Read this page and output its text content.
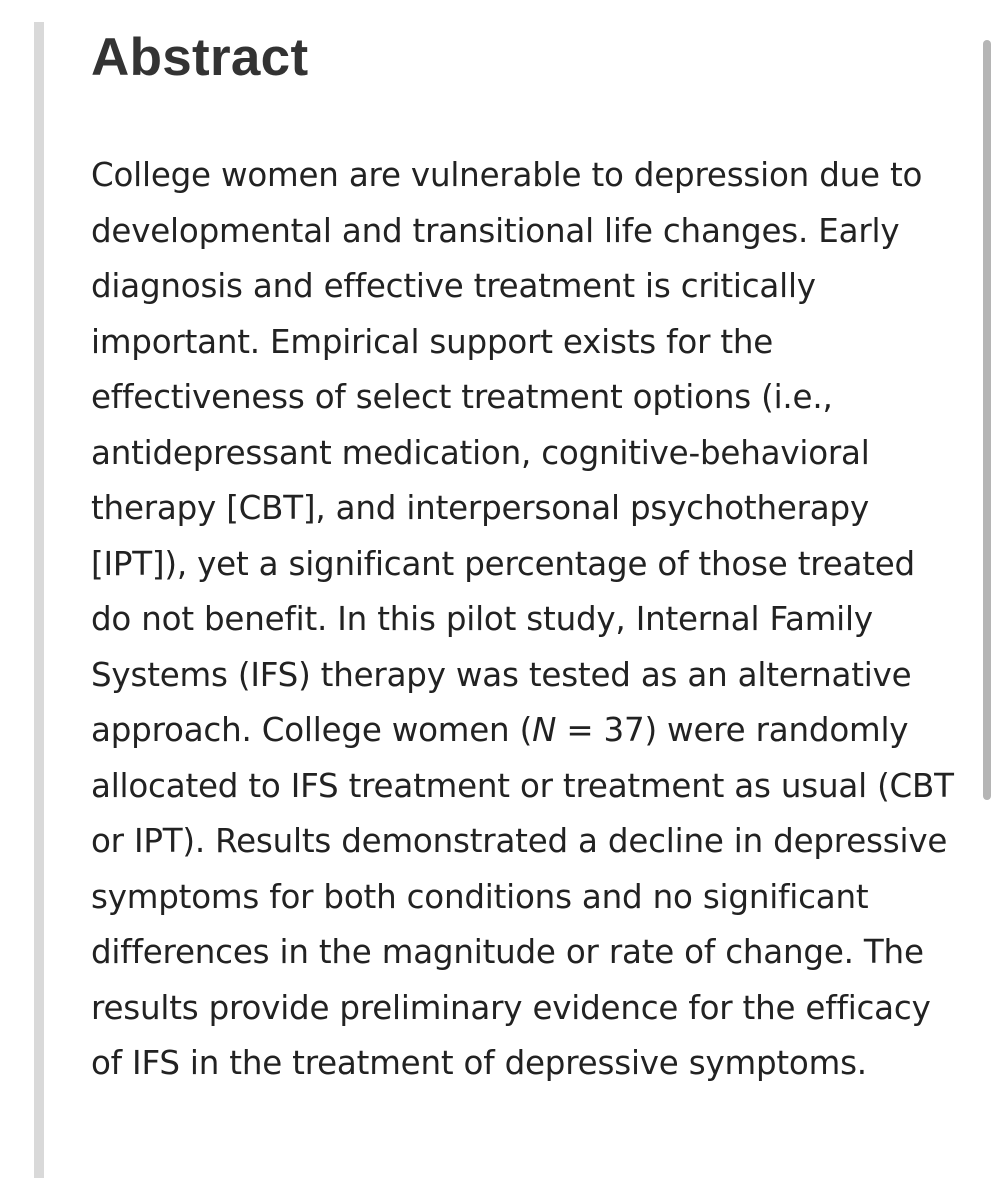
Abstract

College women are vulnerable to depression due to developmental and transitional life changes. Early diagnosis and effective treatment is critically important. Empirical support exists for the effectiveness of select treatment options (i.e., antidepressant medication, cognitive-behavioral therapy [CBT], and interpersonal psychotherapy [IPT]), yet a significant percentage of those treated do not benefit. In this pilot study, Internal Family Systems (IFS) therapy was tested as an alternative approach. College women (N = 37) were randomly allocated to IFS treatment or treatment as usual (CBT or IPT). Results demonstrated a decline in depressive symptoms for both conditions and no significant differences in the magnitude or rate of change. The results provide preliminary evidence for the efficacy of IFS in the treatment of depressive symptoms.
